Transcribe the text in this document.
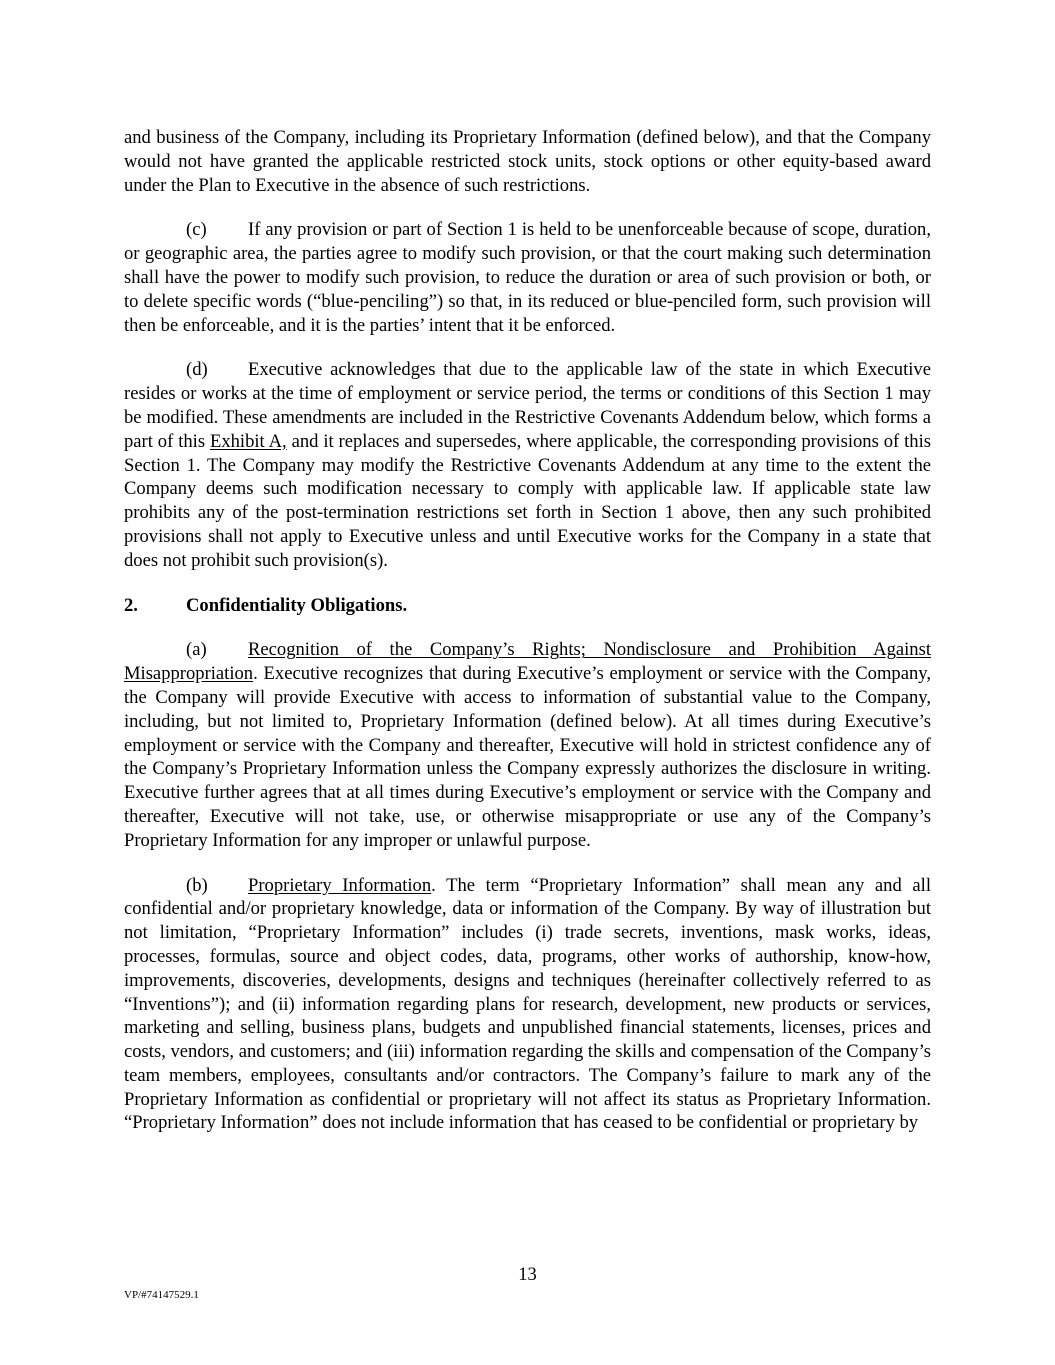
and business of the Company, including its Proprietary Information (defined below), and that the Company would not have granted the applicable restricted stock units, stock options or other equity-based award under the Plan to Executive in the absence of such restrictions.

(c) If any provision or part of Section 1 is held to be unenforceable because of scope, duration, or geographic area, the parties agree to modify such provision, or that the court making such determination shall have the power to modify such provision, to reduce the duration or area of such provision or both, or to delete specific words (“blue-penciling”) so that, in its reduced or blue-penciled form, such provision will then be enforceable, and it is the parties’ intent that it be enforced.

(d) Executive acknowledges that due to the applicable law of the state in which Executive resides or works at the time of employment or service period, the terms or conditions of this Section 1 may be modified. These amendments are included in the Restrictive Covenants Addendum below, which forms a part of this Exhibit A, and it replaces and supersedes, where applicable, the corresponding provisions of this Section 1. The Company may modify the Restrictive Covenants Addendum at any time to the extent the Company deems such modification necessary to comply with applicable law. If applicable state law prohibits any of the post-termination restrictions set forth in Section 1 above, then any such prohibited provisions shall not apply to Executive unless and until Executive works for the Company in a state that does not prohibit such provision(s).

2.	Confidentiality Obligations.

(a) Recognition of the Company’s Rights; Nondisclosure and Prohibition Against Misappropriation. Executive recognizes that during Executive’s employment or service with the Company, the Company will provide Executive with access to information of substantial value to the Company, including, but not limited to, Proprietary Information (defined below). At all times during Executive’s employment or service with the Company and thereafter, Executive will hold in strictest confidence any of the Company’s Proprietary Information unless the Company expressly authorizes the disclosure in writing. Executive further agrees that at all times during Executive’s employment or service with the Company and thereafter, Executive will not take, use, or otherwise misappropriate or use any of the Company’s Proprietary Information for any improper or unlawful purpose.

(b) Proprietary Information. The term “Proprietary Information” shall mean any and all confidential and/or proprietary knowledge, data or information of the Company. By way of illustration but not limitation, “Proprietary Information” includes (i) trade secrets, inventions, mask works, ideas, processes, formulas, source and object codes, data, programs, other works of authorship, know-how, improvements, discoveries, developments, designs and techniques (hereinafter collectively referred to as “Inventions”); and (ii) information regarding plans for research, development, new products or services, marketing and selling, business plans, budgets and unpublished financial statements, licenses, prices and costs, vendors, and customers; and (iii) information regarding the skills and compensation of the Company’s team members, employees, consultants and/or contractors. The Company’s failure to mark any of the Proprietary Information as confidential or proprietary will not affect its status as Proprietary Information. “Proprietary Information” does not include information that has ceased to be confidential or proprietary by

13
VP/#74147529.1
